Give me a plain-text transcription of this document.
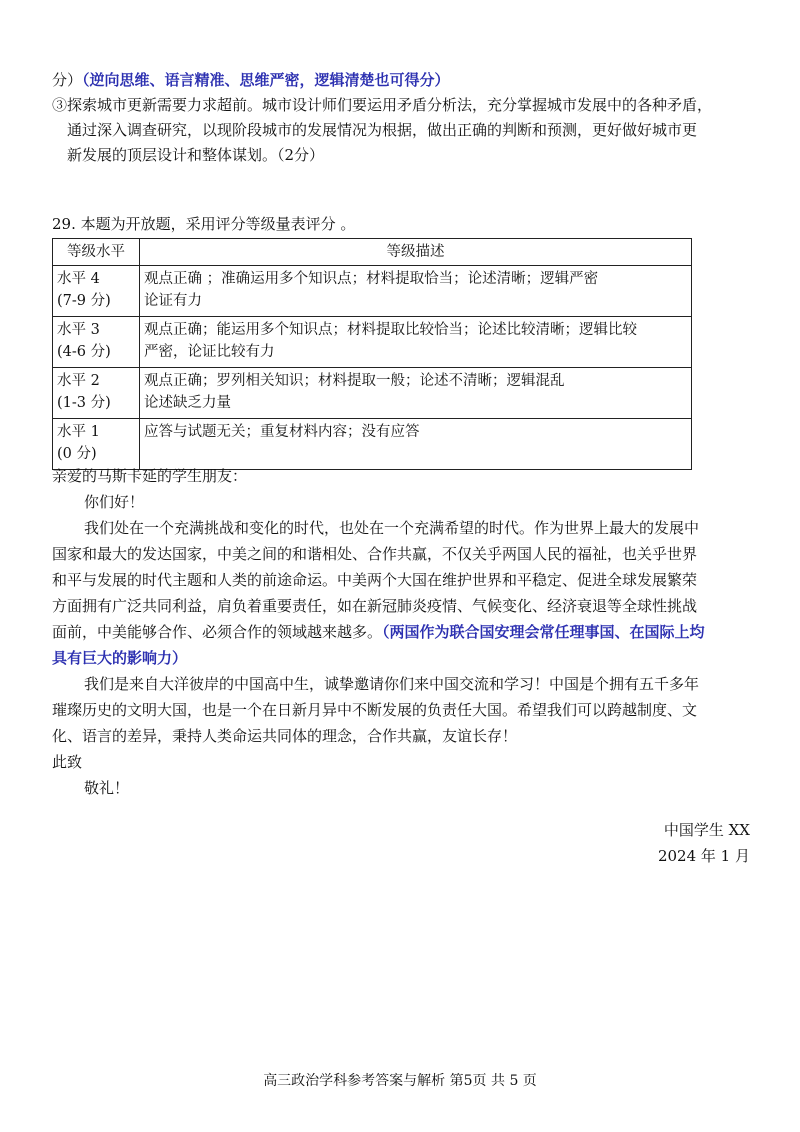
分）（逆向思维、语言精准、思维严密，逻辑清楚也可得分）
③探索城市更新需要力求超前。城市设计师们要运用矛盾分析法，充分掌握城市发展中的各种矛盾，
通过深入调查研究，以现阶段城市的发展情况为根据，做出正确的判断和预测，更好做好城市更
新发展的顶层设计和整体谋划。（2分）
29. 本题为开放题，采用评分等级量表评分 。
等级水平	等级描述
水平 4
(7-9 分)	观点正确 ；准确运用多个知识点；材料提取恰当；论述清晰；逻辑严密
论证有力
水平 3
(4-6 分)	观点正确；能运用多个知识点；材料提取比较恰当；论述比较清晰；逻辑比较
严密，论证比较有力
水平 2
(1-3 分)	观点正确；罗列相关知识；材料提取一般；论述不清晰；逻辑混乱
论述缺乏力量
水平 1
(0 分)	应答与试题无关；重复材料内容；没有应答

亲爱的马斯卡延的学生朋友：
你们好！
我们处在一个充满挑战和变化的时代，也处在一个充满希望的时代。作为世界上最大的发展中
国家和最大的发达国家，中美之间的和谐相处、合作共赢，不仅关乎两国人民的福祉，也关乎世界
和平与发展的时代主题和人类的前途命运。中美两个大国在维护世界和平稳定、促进全球发展繁荣
方面拥有广泛共同利益，肩负着重要责任，如在新冠肺炎疫情、气候变化、经济衰退等全球性挑战
面前，中美能够合作、必须合作的领域越来越多。（两国作为联合国安理会常任理事国、在国际上均
具有巨大的影响力）
我们是来自大洋彼岸的中国高中生，诚挚邀请你们来中国交流和学习！中国是个拥有五千多年
璀璨历史的文明大国，也是一个在日新月异中不断发展的负责任大国。希望我们可以跨越制度、文
化、语言的差异，秉持人类命运共同体的理念，合作共赢，友谊长存！
此致
敬礼！
中国学生 XX
2024 年 1 月
高三政治学科参考答案与解析 第5页 共 5 页
